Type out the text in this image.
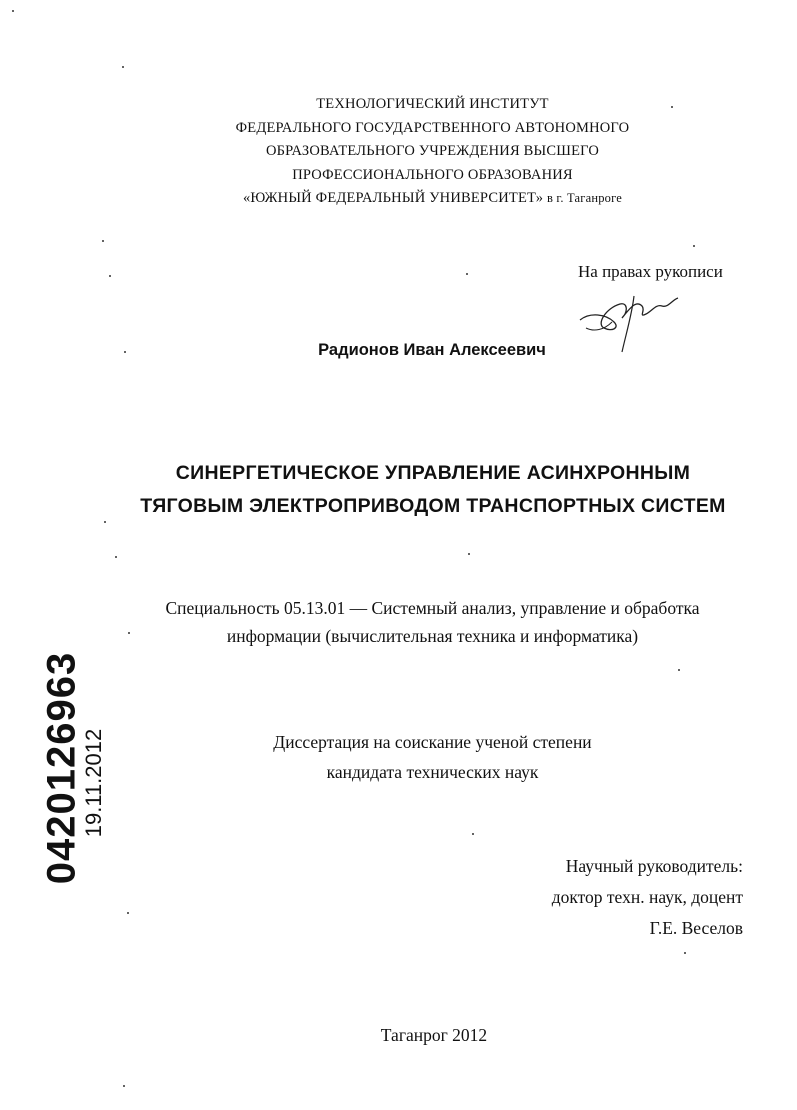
ТЕХНОЛОГИЧЕСКИЙ ИНСТИТУТ
ФЕДЕРАЛЬНОГО ГОСУДАРСТВЕННОГО АВТОНОМНОГО
ОБРАЗОВАТЕЛЬНОГО УЧРЕЖДЕНИЯ ВЫСШЕГО
ПРОФЕССИОНАЛЬНОГО ОБРАЗОВАНИЯ
«ЮЖНЫЙ ФЕДЕРАЛЬНЫЙ УНИВЕРСИТЕТ» в г. Таганроге
На правах рукописи
Радионов Иван Алексеевич
СИНЕРГЕТИЧЕСКОЕ УПРАВЛЕНИЕ АСИНХРОННЫМ
ТЯГОВЫМ ЭЛЕКТРОПРИВОДОМ ТРАНСПОРТНЫХ СИСТЕМ
Специальность 05.13.01 — Системный анализ, управление и обработка
информации (вычислительная техника и информатика)
Диссертация на соискание ученой степени
кандидата технических наук
Научный руководитель:
доктор техн. наук, доцент
Г.Е. Веселов
Таганрог 2012
0420126963
19.11.2012
